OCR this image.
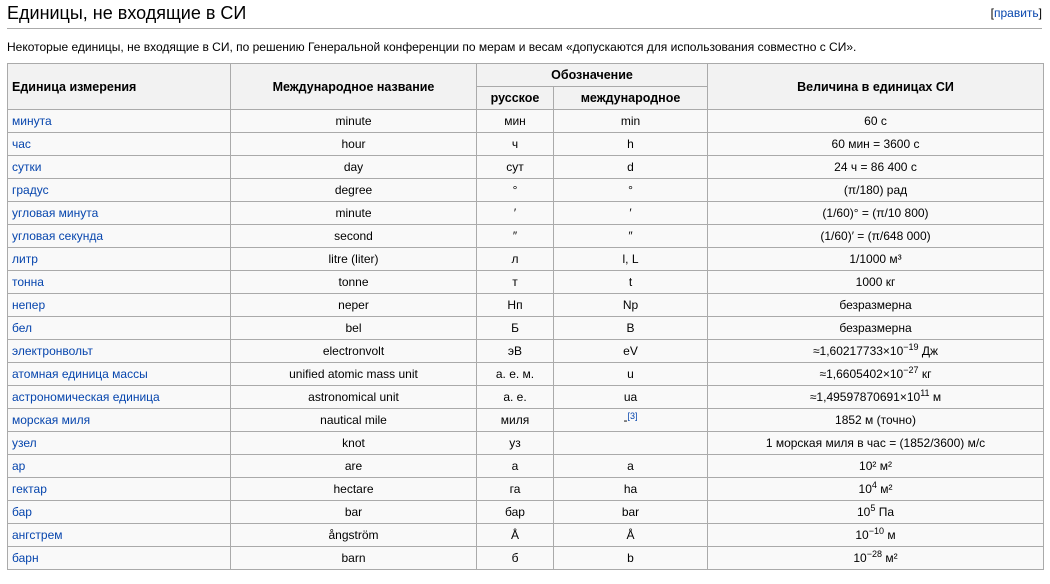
Единицы, не входящие в СИ	[править]

Некоторые единицы, не входящие в СИ, по решению Генеральной конференции по мерам и весам «допускаются для использования совместно с СИ».

Единица измерения	Международное название	Обозначение		Величина в единицах СИ
		русское	международное	
минута	minute	мин	min	60 с
час	hour	ч	h	60 мин = 3600 с
сутки	day	сут	d	24 ч = 86 400 с
градус	degree	°	°	(π/180) рад
угловая минута	minute	′	′	(1/60)° = (π/10 800)
угловая секунда	second	″	″	(1/60)′ = (π/648 000)
литр	litre (liter)	л	l, L	1/1000 м³
тонна	tonne	т	t	1000 кг
непер	neper	Нп	Np	безразмерна
бел	bel	Б	B	безразмерна
электронвольт	electronvolt	эВ	eV	$\approx 1,60217733\times 10^{-19}$ Дж
атомная единица массы	unified atomic mass unit	а. е. м.	u	$\approx 1,6605402\times 10^{-27}$ кг
астрономическая единица	astronomical unit	а. е.	ua	$\approx 1,49597870691\times 10^{11}$ м
морская миля	nautical mile	миля	-[3]	1852 м (точно)
узел	knot	уз		1 морская миля в час = (1852/3600) м/с
ар	are	а	a	10² м²
гектар	hectare	га	ha	$10^4$ м²
бар	bar	бар	bar	$10^5$ Па
ангстрем	ångström	Å	Å	$10^{-10}$ м
барн	barn	б	b	$10^{-28}$ м²
